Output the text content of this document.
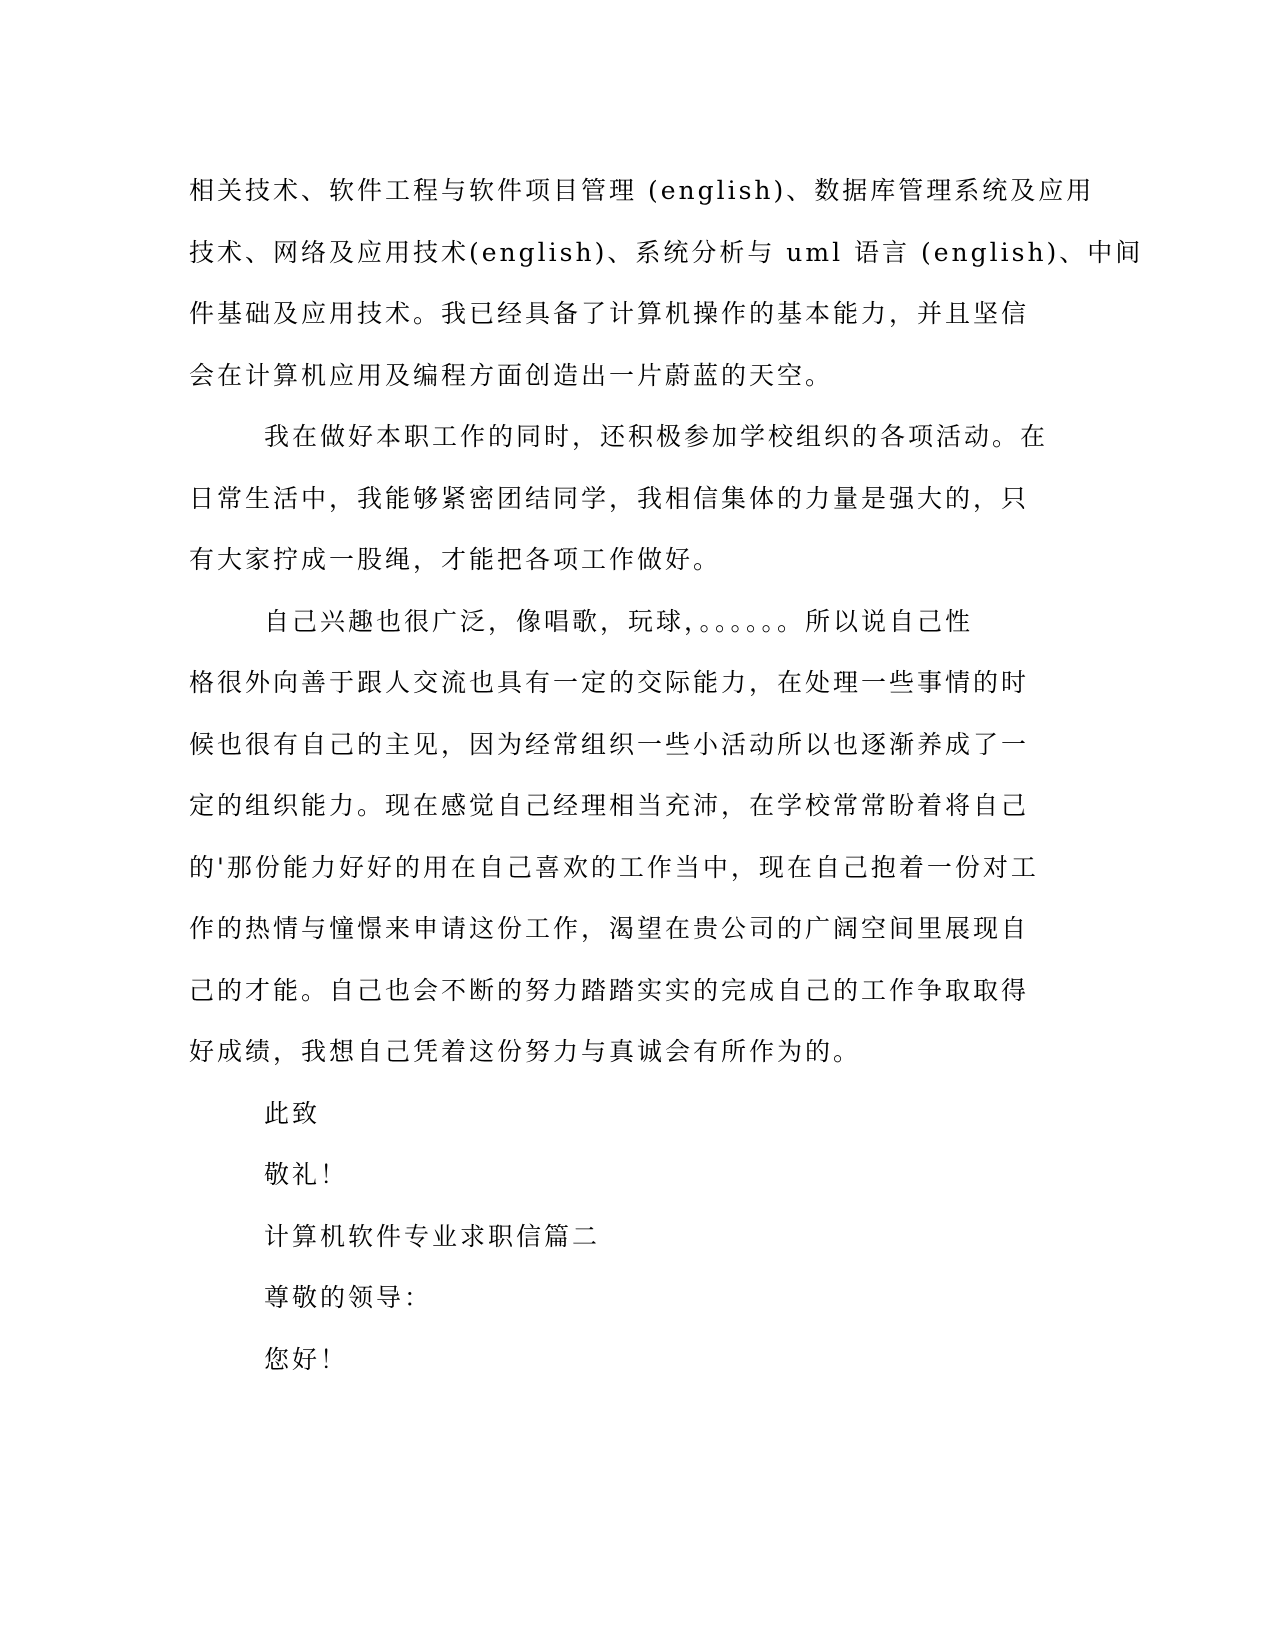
相关技术、软件工程与软件项目管理 (english)、数据库管理系统及应用
技术、网络及应用技术(english)、系统分析与 uml 语言 (english)、中间
件基础及应用技术。我已经具备了计算机操作的基本能力，并且坚信
会在计算机应用及编程方面创造出一片蔚蓝的天空。

我在做好本职工作的同时，还积极参加学校组织的各项活动。在
日常生活中，我能够紧密团结同学，我相信集体的力量是强大的，只
有大家拧成一股绳，才能把各项工作做好。

自己兴趣也很广泛，像唱歌，玩球，。。。。。。所以说自己性
格很外向善于跟人交流也具有一定的交际能力，在处理一些事情的时
候也很有自己的主见，因为经常组织一些小活动所以也逐渐养成了一
定的组织能力。现在感觉自己经理相当充沛，在学校常常盼着将自己
的'那份能力好好的用在自己喜欢的工作当中，现在自己抱着一份对工
作的热情与憧憬来申请这份工作，渴望在贵公司的广阔空间里展现自
己的才能。自己也会不断的努力踏踏实实的完成自己的工作争取取得
好成绩，我想自己凭着这份努力与真诚会有所作为的。

此致

敬礼！

计算机软件专业求职信篇二

尊敬的领导：

您好！
